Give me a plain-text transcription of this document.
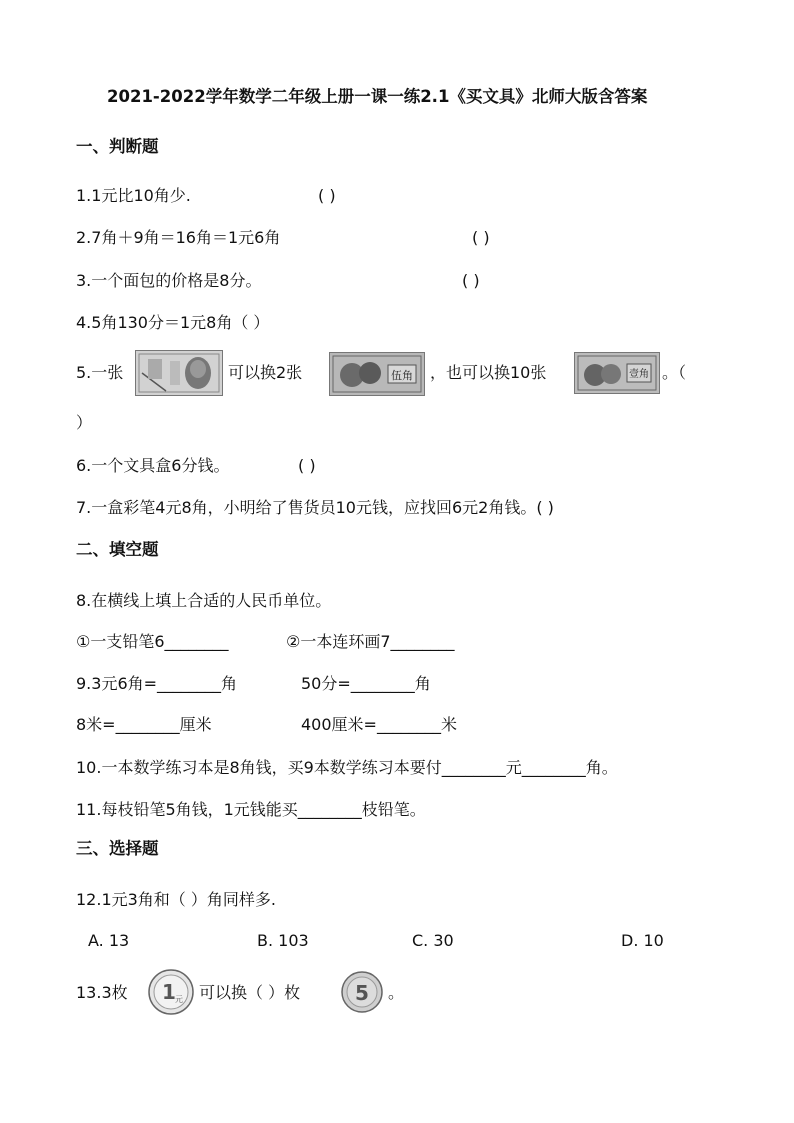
2021-2022学年数学二年级上册一课一练2.1《买文具》北师大版含答案
一、判断题
1.1元比10角少.	( )
2.7角＋9角＝16角＝1元6角	( )
3.一个面包的价格是8分。	( )
4.5角130分＝1元8角（ ）
5.一张	可以换2张	伍角 ，也可以换10张	壹角 。（
）
6.一个文具盒6分钱。	( )
7.一盒彩笔4元8角，小明给了售货员10元钱，应找回6元2角钱。( )
二、填空题
8.在横线上填上合适的人民币单位。
①一支铅笔6________	②一本连环画7________
9.3元6角=________角	50分=________角
8米=________厘米	400厘米=________米
10.一本数学练习本是8角钱，买9本数学练习本要付________元________角。
11.每枝铅笔5角钱，1元钱能买________枝铅笔。
三、选择题
12.1元3角和（ ）角同样多.
A. 13	B. 103	C. 30	D. 10
13.3枚 1 元 可以换（ ）枚	5 。
